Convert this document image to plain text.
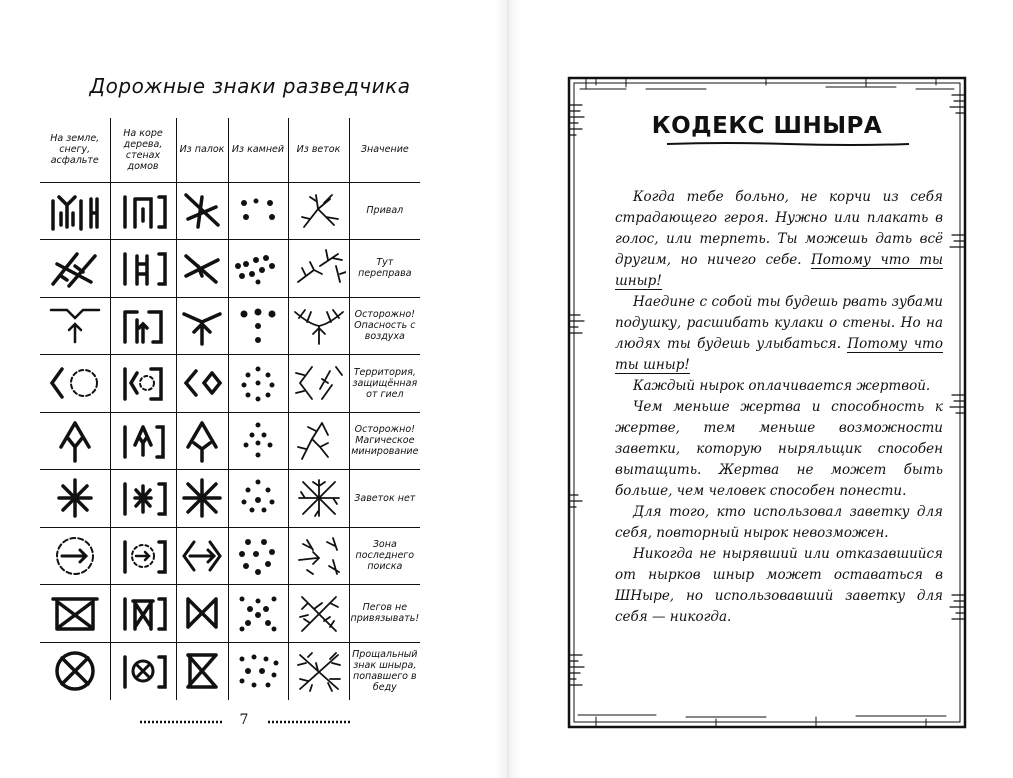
Дорожные знаки разведчика
На земле, снегу, асфальте	На коре дерева, стенах домов	Из палок	Из камней	Из веток	Значение

	Привал

	Тут переправа

	Осторожно! Опасность с воздуха

	Территория, защищённая от гиел

	Осторожно! Магическое минирование

	Заветок нет

	Зона последнего поиска

	Пегов не привязывать!

	Прощальный знак шныра, попавшего в беду
7
КОДЕКС ШНЫРА

Когда тебе больно, не корчи из себя страдающего героя. Нужно или плакать в голос, или терпеть. Ты можешь дать всё другим, но ничего себе. Потому что ты шныр!

Наедине с собой ты будешь рвать зубами подушку, расшибать кулаки о стены. Но на людях ты будешь улыбаться. Потому что ты шныр!

Каждый нырок оплачивается жертвой.

Чем меньше жертва и способность к жертве, тем меньше возможности заветки, которую ныряльщик способен вытащить. Жертва не может быть больше, чем человек способен понести.

Для того, кто использовал заветку для себя, повторный нырок невозможен.

Никогда не нырявший или отказавшийся от нырков шныр может оставаться в ШНыре, но использовавший заветку для себя — никогда.
